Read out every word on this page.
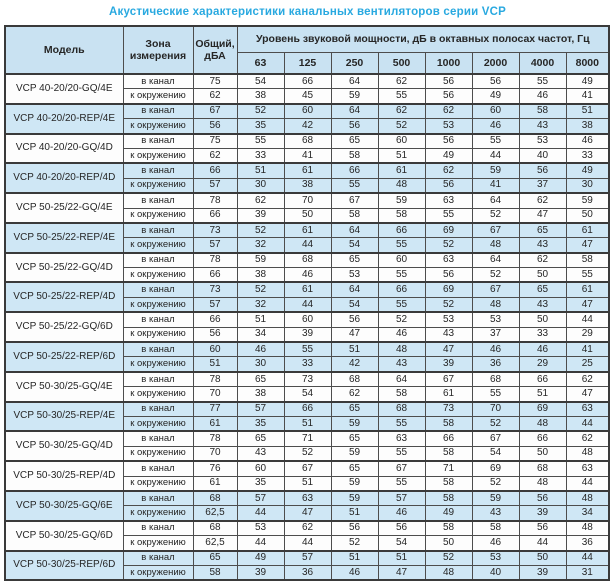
Акустические характеристики канальных вентиляторов серии VCP
Модель	Зона измерения	Общий, дБА	Уровень звуковой мощности, дБ в октавных полосах частот, Гц							
			63	125	250	500	1000	2000	4000	8000
VCP 40-20/20-GQ/4E	в канал	75	54	66	64	62	56	56	55	49
	к окружению	62	38	45	59	55	56	49	46	41
VCP 40-20/20-REP/4E	в канал	67	52	60	64	62	62	60	58	51
	к окружению	56	35	42	56	52	53	46	43	38
VCP 40-20/20-GQ/4D	в канал	75	55	68	65	60	56	55	53	46
	к окружению	62	33	41	58	51	49	44	40	33
VCP 40-20/20-REP/4D	в канал	66	51	61	66	61	62	59	56	49
	к окружению	57	30	38	55	48	56	41	37	30
VCP 50-25/22-GQ/4E	в канал	78	62	70	67	59	63	64	62	59
	к окружению	66	39	50	58	58	55	52	47	50
VCP 50-25/22-REP/4E	в канал	73	52	61	64	66	69	67	65	61
	к окружению	57	32	44	54	55	52	48	43	47
VCP 50-25/22-GQ/4D	в канал	78	59	68	65	60	63	64	62	58
	к окружению	66	38	46	53	55	56	52	50	55
VCP 50-25/22-REP/4D	в канал	73	52	61	64	66	69	67	65	61
	к окружению	57	32	44	54	55	52	48	43	47
VCP 50-25/22-GQ/6D	в канал	66	51	60	56	52	53	53	50	44
	к окружению	56	34	39	47	46	43	37	33	29
VCP 50-25/22-REP/6D	в канал	60	46	55	51	48	47	46	46	41
	к окружению	51	30	33	42	43	39	36	29	25
VCP 50-30/25-GQ/4E	в канал	78	65	73	68	64	67	68	66	62
	к окружению	70	38	54	62	58	61	55	51	47
VCP 50-30/25-REP/4E	в канал	77	57	66	65	68	73	70	69	63
	к окружению	61	35	51	59	55	58	52	48	44
VCP 50-30/25-GQ/4D	в канал	78	65	71	65	63	66	67	66	62
	к окружению	70	43	52	59	55	58	54	50	48
VCP 50-30/25-REP/4D	в канал	76	60	67	65	67	71	69	68	63
	к окружению	61	35	51	59	55	58	52	48	44
VCP 50-30/25-GQ/6E	в канал	68	57	63	59	57	58	59	56	48
	к окружению	62,5	44	47	51	46	49	43	39	34
VCP 50-30/25-GQ/6D	в канал	68	53	62	56	56	58	58	56	48
	к окружению	62,5	44	44	52	54	50	46	44	36
VCP 50-30/25-REP/6D	в канал	65	49	57	51	51	52	53	50	44
	к окружению	58	39	36	46	47	48	40	39	31
